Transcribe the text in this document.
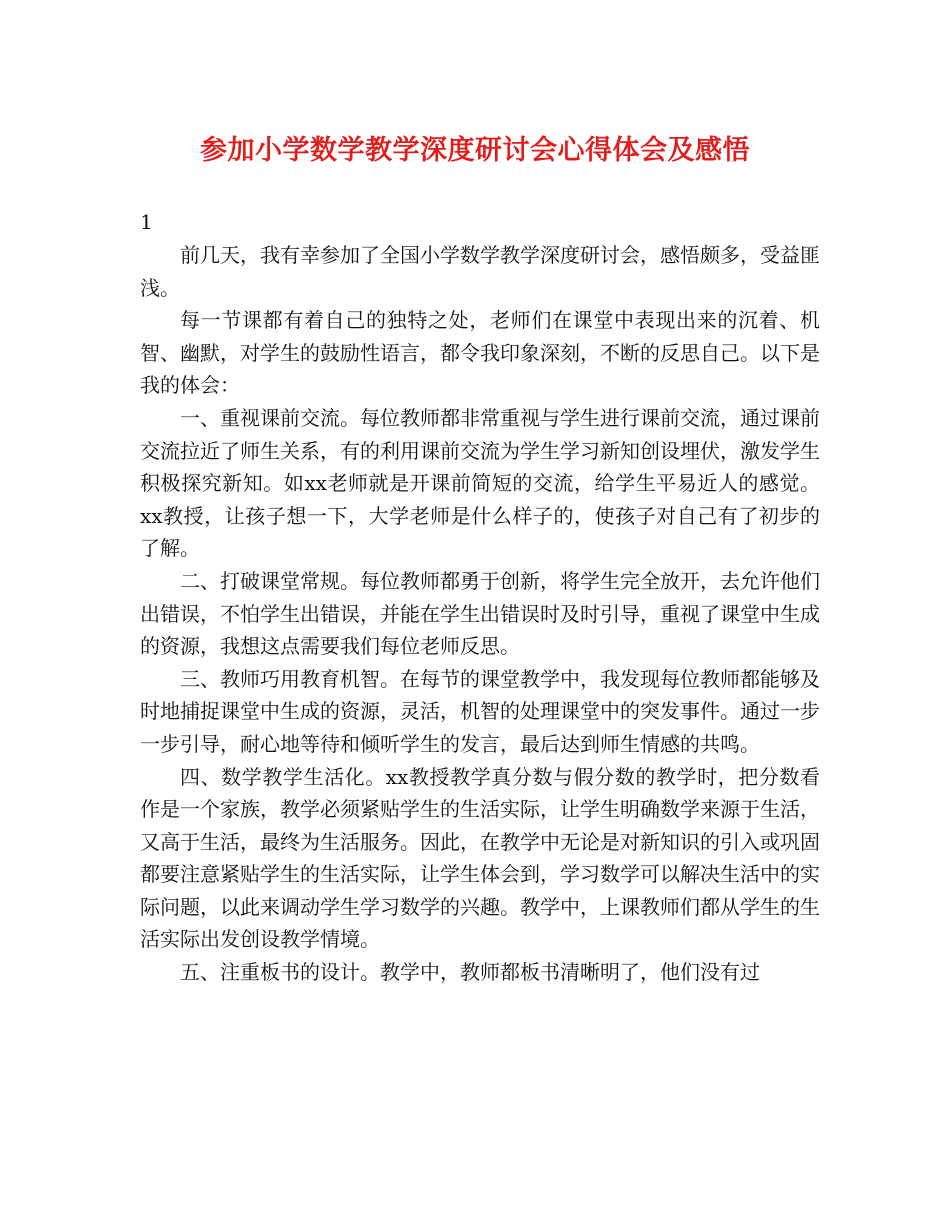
参加小学数学教学深度研讨会心得体会及感悟
1

前几天，我有幸参加了全国小学数学教学深度研讨会，感悟颇多，受益匪浅。

每一节课都有着自己的独特之处，老师们在课堂中表现出来的沉着、机智、幽默，对学生的鼓励性语言，都令我印象深刻，不断的反思自己。以下是我的体会：

一、重视课前交流。每位教师都非常重视与学生进行课前交流，通过课前交流拉近了师生关系，有的利用课前交流为学生学习新知创设埋伏，激发学生积极探究新知。如xx老师就是开课前简短的交流，给学生平易近人的感觉。xx教授，让孩子想一下，大学老师是什么样子的，使孩子对自己有了初步的了解。

二、打破课堂常规。每位教师都勇于创新，将学生完全放开，去允许他们出错误，不怕学生出错误，并能在学生出错误时及时引导，重视了课堂中生成的资源，我想这点需要我们每位老师反思。

三、教师巧用教育机智。在每节的课堂教学中，我发现每位教师都能够及时地捕捉课堂中生成的资源，灵活，机智的处理课堂中的突发事件。通过一步一步引导，耐心地等待和倾听学生的发言，最后达到师生情感的共鸣。

四、数学教学生活化。xx教授教学真分数与假分数的教学时，把分数看作是一个家族，教学必须紧贴学生的生活实际，让学生明确数学来源于生活，又高于生活，最终为生活服务。因此，在教学中无论是对新知识的引入或巩固都要注意紧贴学生的生活实际，让学生体会到，学习数学可以解决生活中的实际问题，以此来调动学生学习数学的兴趣。教学中，上课教师们都从学生的生活实际出发创设教学情境。

五、注重板书的设计。教学中，教师都板书清晰明了，他们没有过
